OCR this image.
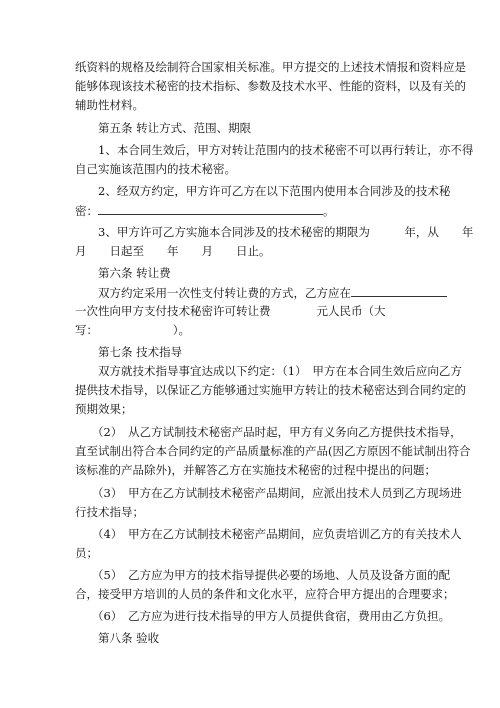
纸资料的规格及绘制符合国家相关标准。甲方提交的上述技术情报和资料应是
能够体现该技术秘密的技术指标、参数及技术水平、性能的资料，以及有关的
辅助性材料。
第五条 转让方式、范围、期限
1、本合同生效后，甲方对转让范围内的技术秘密不可以再行转让，亦不得
自己实施该范围内的技术秘密。
2、经双方约定，甲方许可乙方在以下范围内使用本合同涉及的技术秘
密：	。
3、甲方许可乙方实施本合同涉及的技术秘密的期限为　　　年，从　　年
月　　日起至　　年　　月　　日止。
第六条 转让费
双方约定采用一次性支付转让费的方式，乙方应在
一次性向甲方支付技术秘密许可转让费　　　　元人民币（大
写：　　　　　　　）。
第七条 技术指导
双方就技术指导事宜达成以下约定：（1）　甲方在本合同生效后应向乙方
提供技术指导，以保证乙方能够通过实施甲方转让的技术秘密达到合同约定的
预期效果；
（2）　从乙方试制技术秘密产品时起，甲方有义务向乙方提供技术指导，
直至试制出符合本合同约定的产品质量标准的产品(因乙方原因不能试制出符合
该标准的产品除外)，并解答乙方在实施技术秘密的过程中提出的问题；
（3）　甲方在乙方试制技术秘密产品期间，应派出技术人员到乙方现场进
行技术指导；
（4）　甲方在乙方试制技术秘密产品期间，应负责培训乙方的有关技术人
员；
（5）　乙方应为甲方的技术指导提供必要的场地、人员及设备方面的配
合，接受甲方培训的人员的条件和文化水平，应符合甲方提出的合理要求；
（6）　乙方应为进行技术指导的甲方人员提供食宿，费用由乙方负担。
第八条 验收
